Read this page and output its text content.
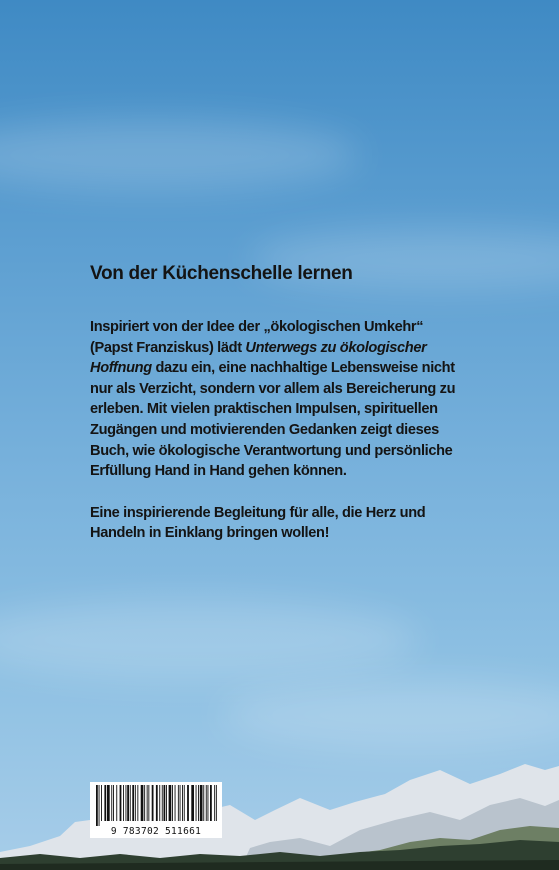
Von der Küchenschelle lernen

Inspiriert von der Idee der „ökologischen Umkehr“ (Papst Franziskus) lädt Unterwegs zu ökologischer Hoffnung dazu ein, eine nachhaltige Lebensweise nicht nur als Verzicht, sondern vor allem als Bereicherung zu erleben. Mit vielen praktischen Impulsen, spirituellen Zugängen und motivierenden Gedanken zeigt dieses Buch, wie ökologische Verantwortung und persönliche Erfüllung Hand in Hand gehen können.

Eine inspirierende Begleitung für alle, die Herz und Handeln in Einklang bringen wollen!

9 783702 511661
